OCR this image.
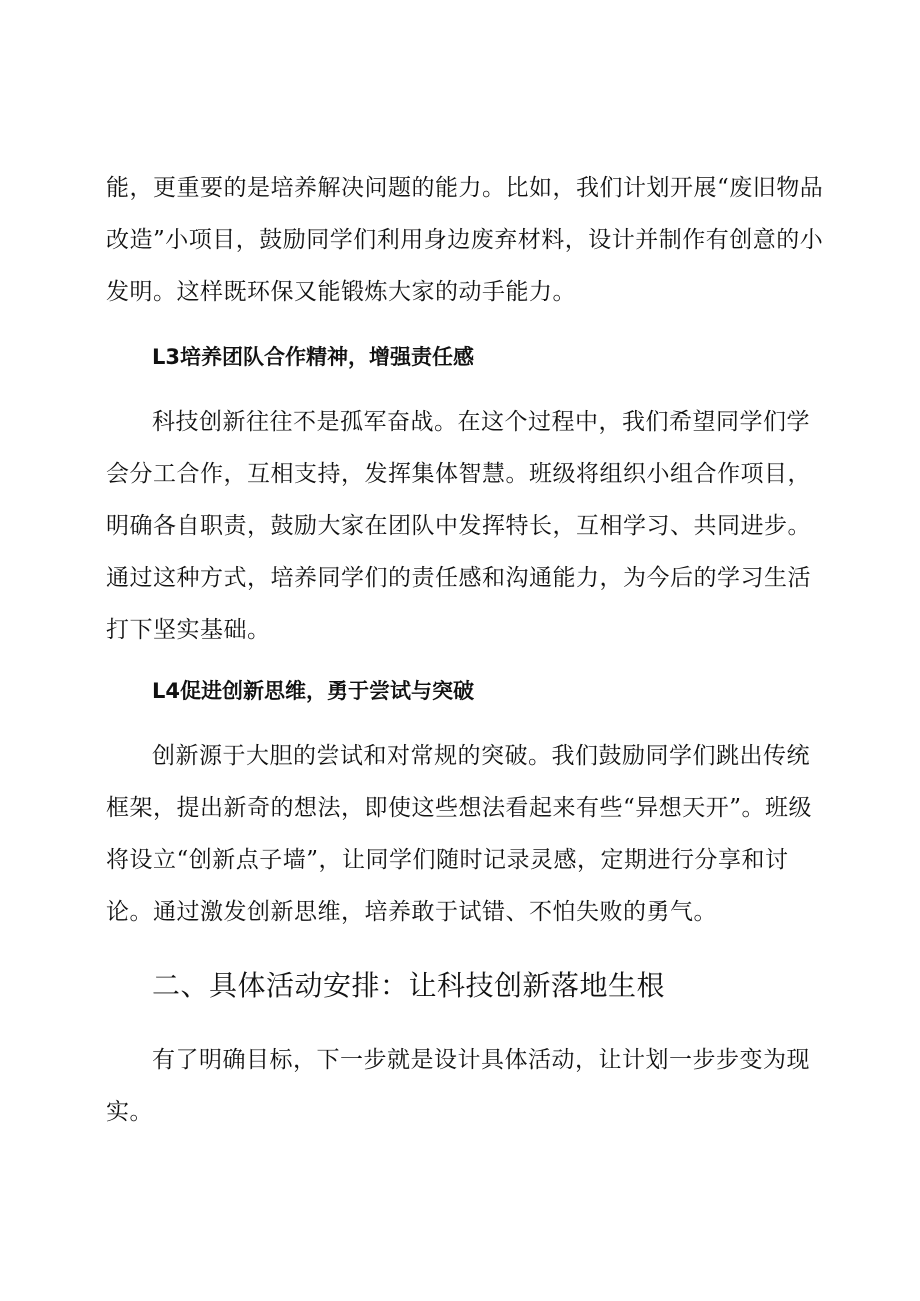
能，更重要的是培养解决问题的能力。比如，我们计划开展“废旧物品改造”小项目，鼓励同学们利用身边废弃材料，设计并制作有创意的小发明。这样既环保又能锻炼大家的动手能力。

L3培养团队合作精神，增强责任感

科技创新往往不是孤军奋战。在这个过程中，我们希望同学们学会分工合作，互相支持，发挥集体智慧。班级将组织小组合作项目，明确各自职责，鼓励大家在团队中发挥特长，互相学习、共同进步。通过这种方式，培养同学们的责任感和沟通能力，为今后的学习生活打下坚实基础。

L4促进创新思维，勇于尝试与突破

创新源于大胆的尝试和对常规的突破。我们鼓励同学们跳出传统框架，提出新奇的想法，即使这些想法看起来有些“异想天开”。班级将设立“创新点子墙”，让同学们随时记录灵感，定期进行分享和讨论。通过激发创新思维，培养敢于试错、不怕失败的勇气。

二、具体活动安排：让科技创新落地生根

有了明确目标，下一步就是设计具体活动，让计划一步步变为现实。
